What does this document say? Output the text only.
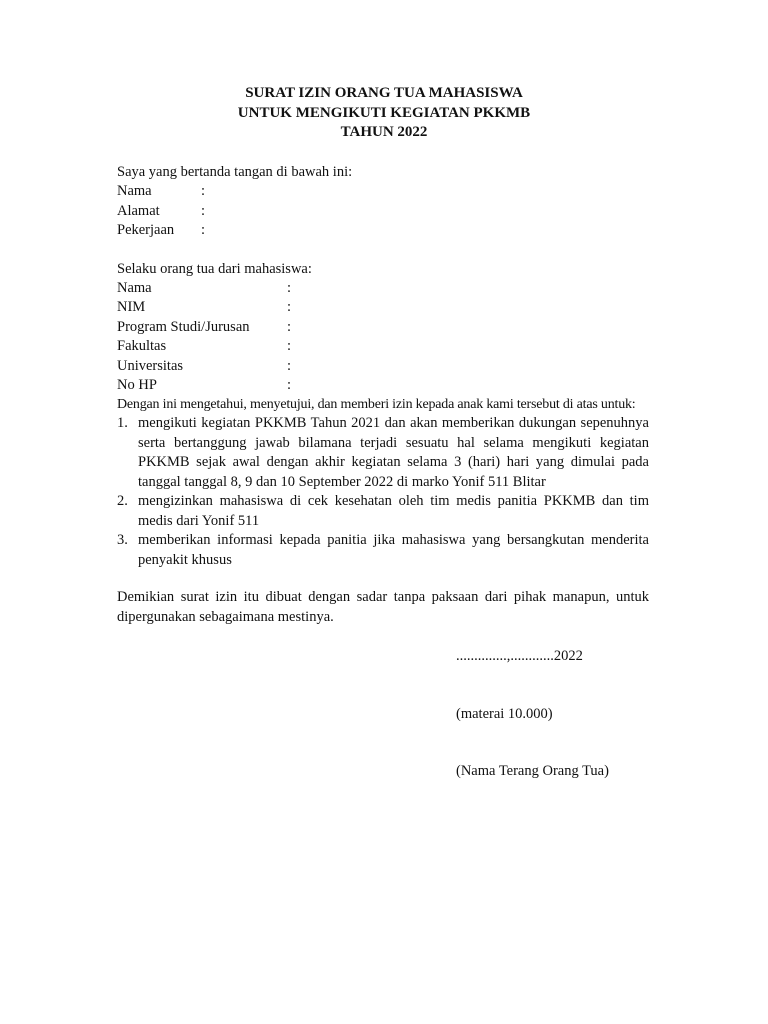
SURAT IZIN ORANG TUA MAHASISWA
UNTUK MENGIKUTI KEGIATAN PKKMB
TAHUN 2022
Saya yang bertanda tangan di bawah ini:
Nama	:
Alamat	:
Pekerjaan :
Selaku orang tua dari mahasiswa:
Nama	:
NIM	:
Program Studi/Jurusan	:
Fakultas	:
Universitas	:
No HP	:
Dengan ini mengetahui, menyetujui, dan memberi izin kepada anak kami tersebut di atas untuk:
1. mengikuti kegiatan PKKMB Tahun 2021 dan akan memberikan dukungan sepenuhnya serta bertanggung jawab bilamana terjadi sesuatu hal selama mengikuti kegiatan PKKMB sejak awal dengan akhir kegiatan selama 3 (hari) hari yang dimulai pada tanggal tanggal 8, 9 dan 10 September 2022 di marko Yonif 511 Blitar
2. mengizinkan mahasiswa di cek kesehatan oleh tim medis panitia PKKMB dan tim medis dari Yonif 511
3. memberikan informasi kepada panitia jika mahasiswa yang bersangkutan menderita penyakit khusus
Demikian surat izin itu dibuat dengan sadar tanpa paksaan dari pihak manapun, untuk dipergunakan sebagaimana mestinya.
..............,............2022
(materai 10.000)
(Nama Terang Orang Tua)
